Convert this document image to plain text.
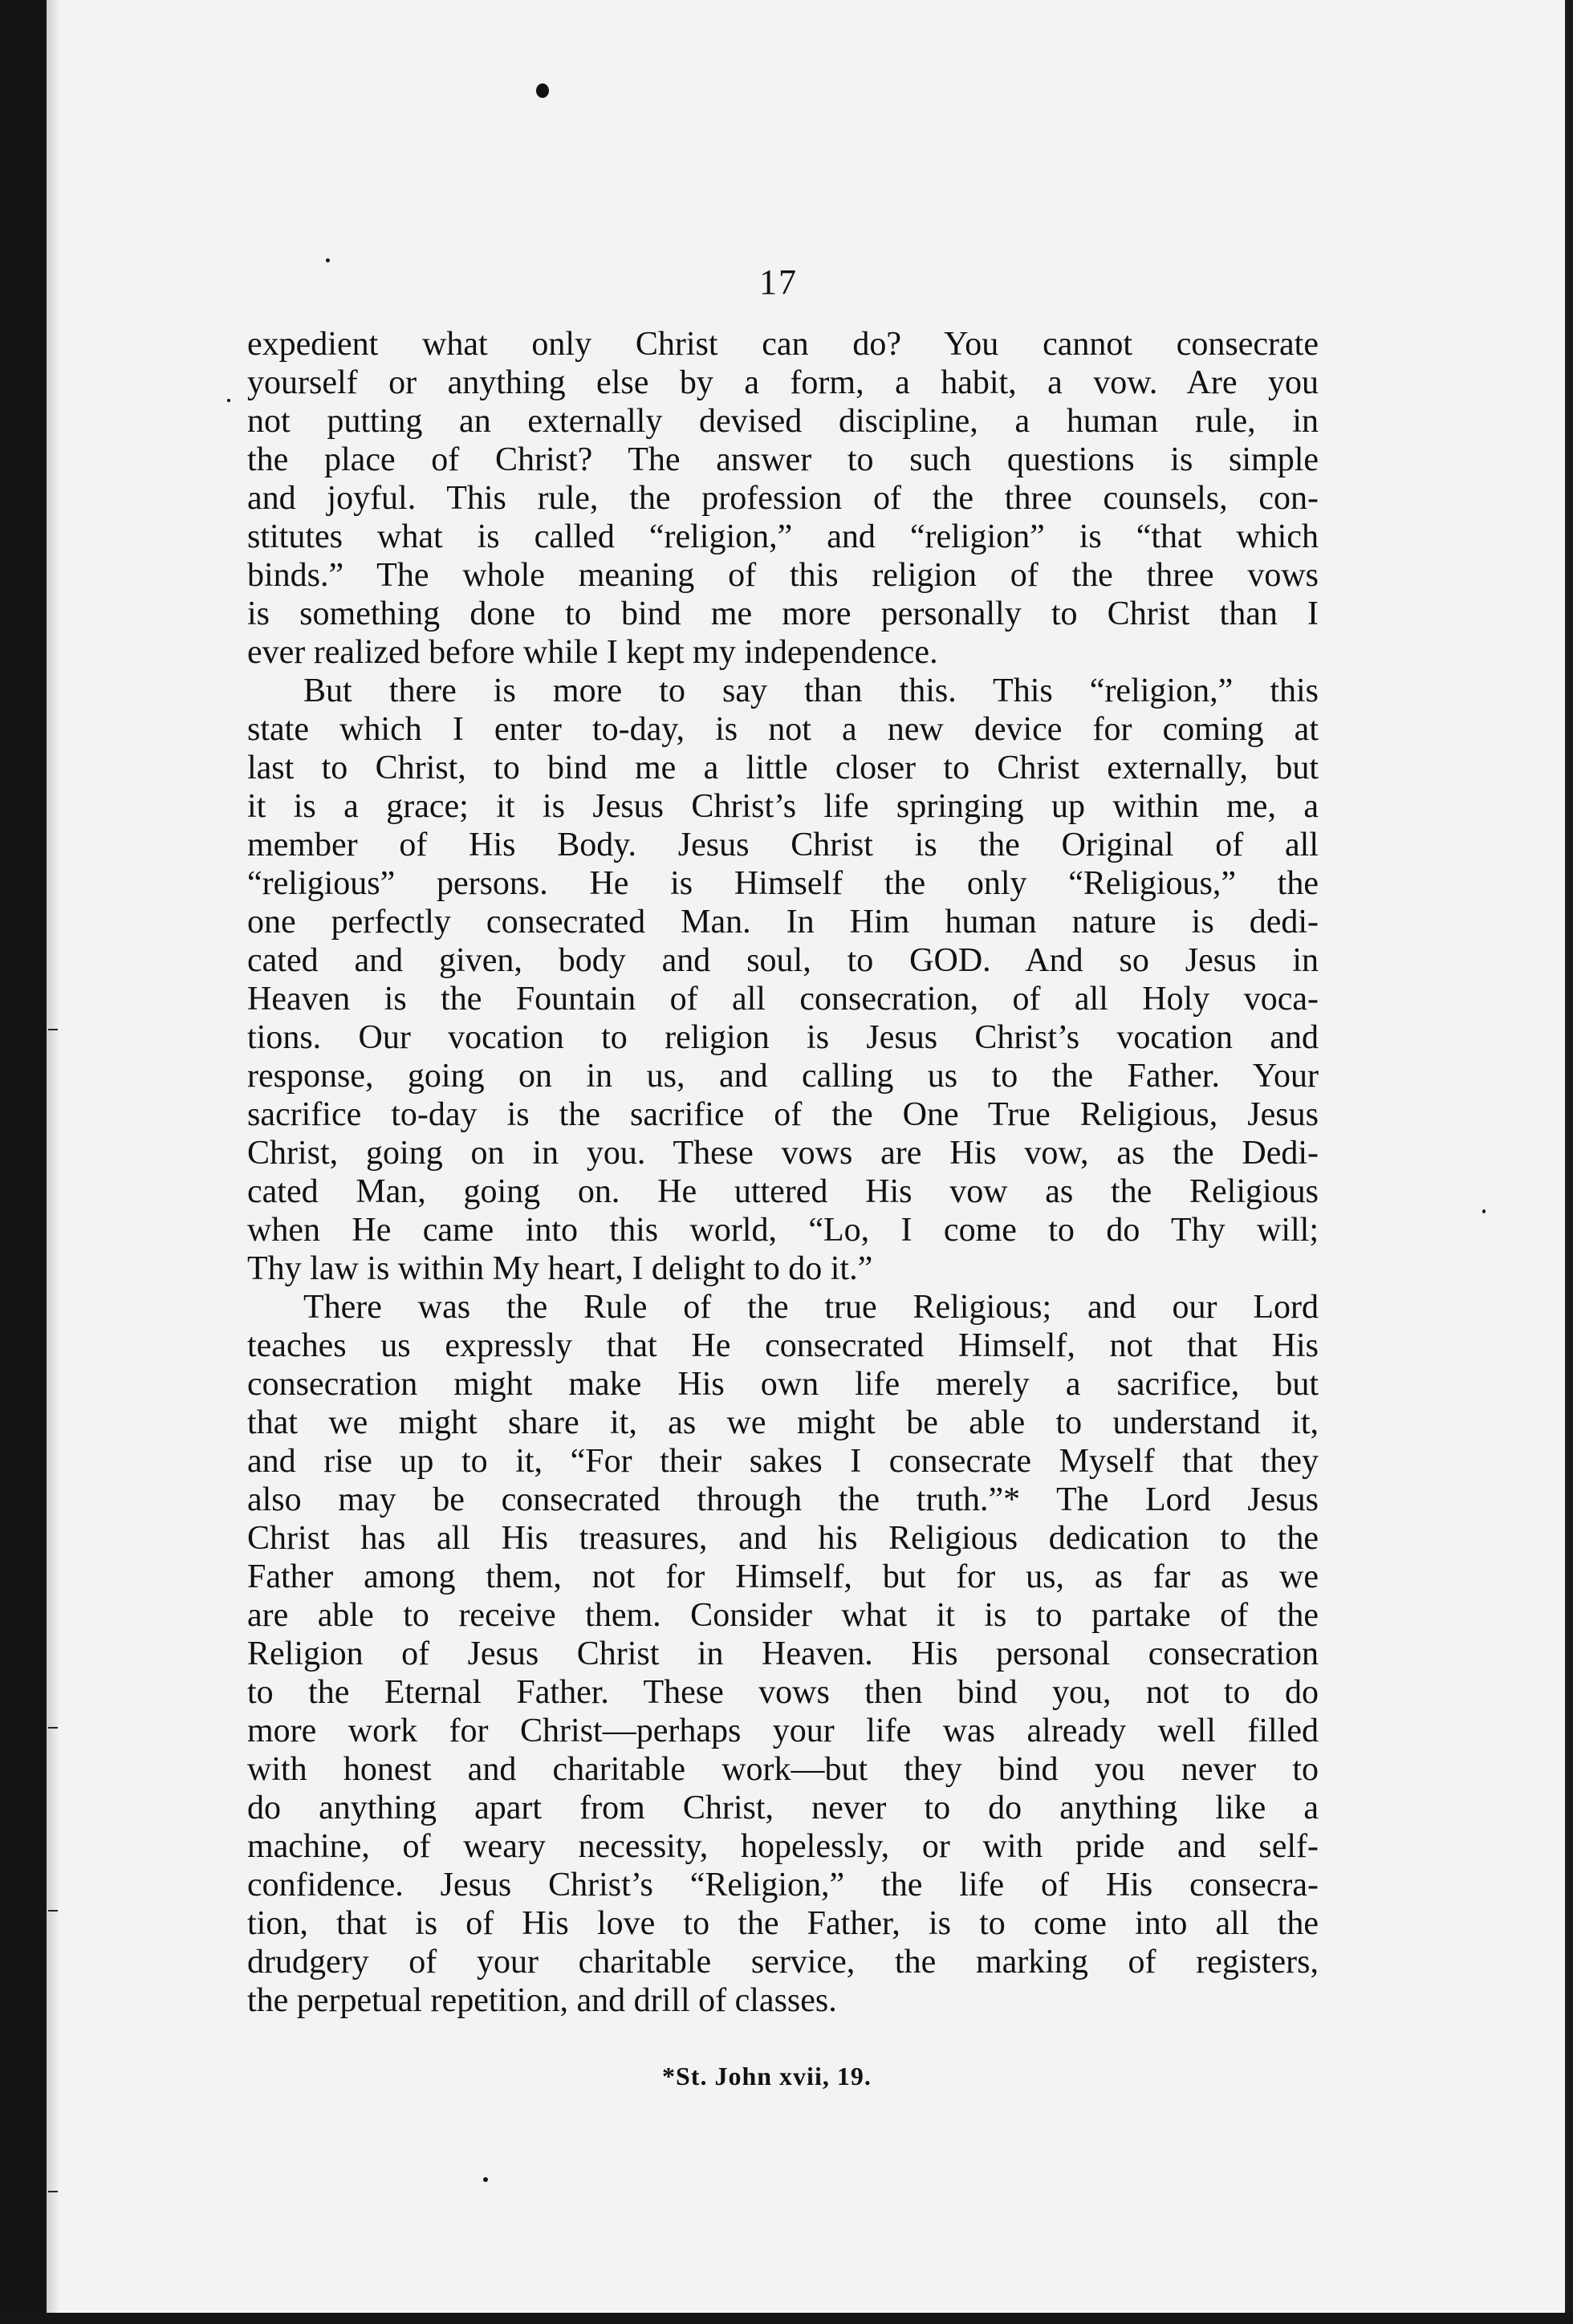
17
expedient what only Christ can do? You cannot consecrate
yourself or anything else by a form, a habit, a vow. Are you
not putting an externally devised discipline, a human rule, in
the place of Christ? The answer to such questions is simple
and joyful. This rule, the profession of the three counsels, con-
stitutes what is called “religion,” and “religion” is “that which
binds.” The whole meaning of this religion of the three vows
is something done to bind me more personally to Christ than I
ever realized before while I kept my independence.
But there is more to say than this. This “religion,” this
state which I enter to-day, is not a new device for coming at
last to Christ, to bind me a little closer to Christ externally, but
it is a grace; it is Jesus Christ’s life springing up within me, a
member of His Body. Jesus Christ is the Original of all
“religious” persons. He is Himself the only “Religious,” the
one perfectly consecrated Man. In Him human nature is dedi-
cated and given, body and soul, to GOD. And so Jesus in
Heaven is the Fountain of all consecration, of all Holy voca-
tions. Our vocation to religion is Jesus Christ’s vocation and
response, going on in us, and calling us to the Father. Your
sacrifice to-day is the sacrifice of the One True Religious, Jesus
Christ, going on in you. These vows are His vow, as the Dedi-
cated Man, going on. He uttered His vow as the Religious
when He came into this world, “Lo, I come to do Thy will;
Thy law is within My heart, I delight to do it.”
There was the Rule of the true Religious; and our Lord
teaches us expressly that He consecrated Himself, not that His
consecration might make His own life merely a sacrifice, but
that we might share it, as we might be able to understand it,
and rise up to it, “For their sakes I consecrate Myself that they
also may be consecrated through the truth.”* The Lord Jesus
Christ has all His treasures, and his Religious dedication to the
Father among them, not for Himself, but for us, as far as we
are able to receive them. Consider what it is to partake of the
Religion of Jesus Christ in Heaven. His personal consecration
to the Eternal Father. These vows then bind you, not to do
more work for Christ—perhaps your life was already well filled
with honest and charitable work—but they bind you never to
do anything apart from Christ, never to do anything like a
machine, of weary necessity, hopelessly, or with pride and self-
confidence. Jesus Christ’s “Religion,” the life of His consecra-
tion, that is of His love to the Father, is to come into all the
drudgery of your charitable service, the marking of registers,
the perpetual repetition, and drill of classes.
*St. John xvii, 19.
